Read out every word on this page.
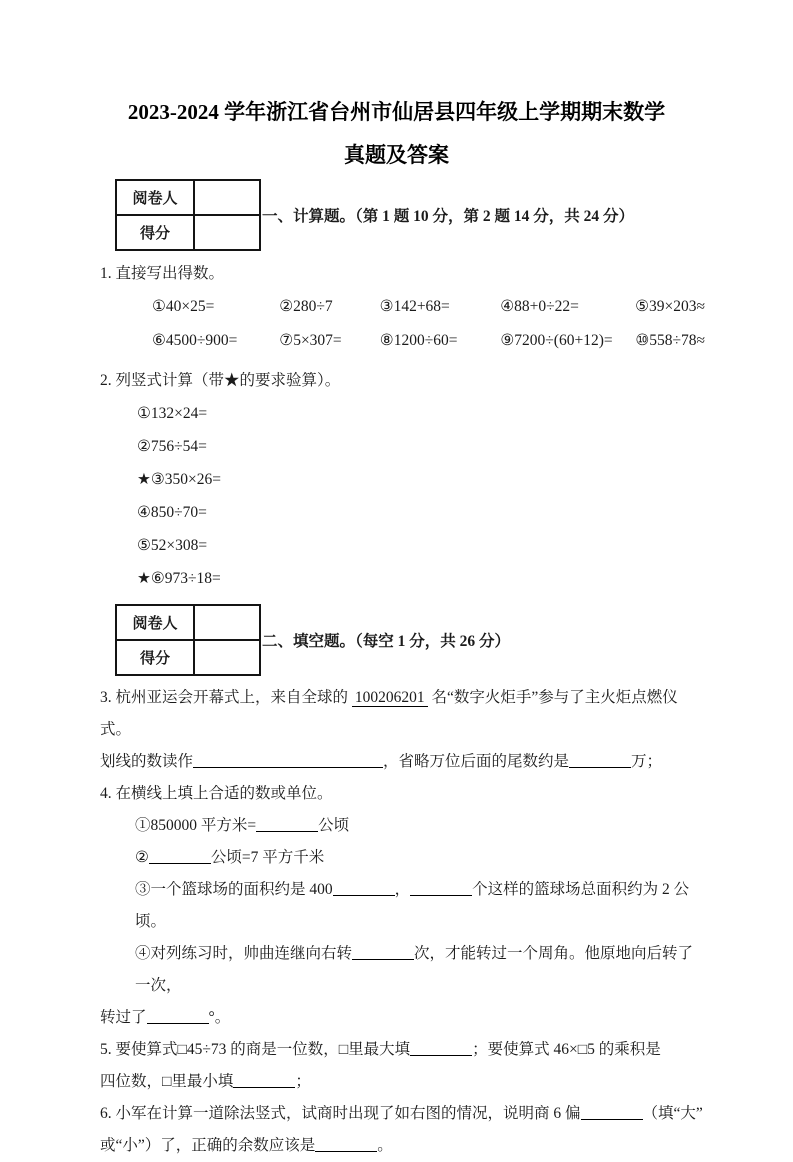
2023-2024 学年浙江省台州市仙居县四年级上学期期末数学
真题及答案
阅卷人	
得分	
一、计算题。（第 1 题 10 分，第 2 题 14 分，共 24 分）
1. 直接写出得数。
①40×25=	②280÷7	③142+68=	④88+0÷22=	⑤39×203≈
⑥4500÷900=	⑦5×307=	⑧1200÷60=	⑨7200÷(60+12)=	⑩558÷78≈
2. 列竖式计算（带★的要求验算）。
①132×24=
②756÷54=
★③350×26=
④850÷70=
⑤52×308=
★⑥973÷18=
阅卷人	
得分	
二、填空题。（每空 1 分，共 26 分）
3. 杭州亚运会开幕式上，来自全球的 100206201 名“数字火炬手”参与了主火炬点燃仪式。
划线的数读作	，省略万位后面的尾数约是	万；
4. 在横线上填上合适的数或单位。
①850000 平方米=	公顷
②	公顷=7 平方千米
③一个篮球场的面积约是 400	，	个这样的篮球场总面积约为 2 公顷。
④对列练习时，帅曲连继向右转	次，才能转过一个周角。他原地向后转了一次，
转过了	°。
5. 要使算式□45÷73 的商是一位数，□里最大填	；要使算式 46×□5 的乘积是
四位数，□里最小填	；
6. 小军在计算一道除法竖式，试商时出现了如右图的情况，说明商 6 偏	（填“大”
或“小”）了，正确的余数应该是	。
